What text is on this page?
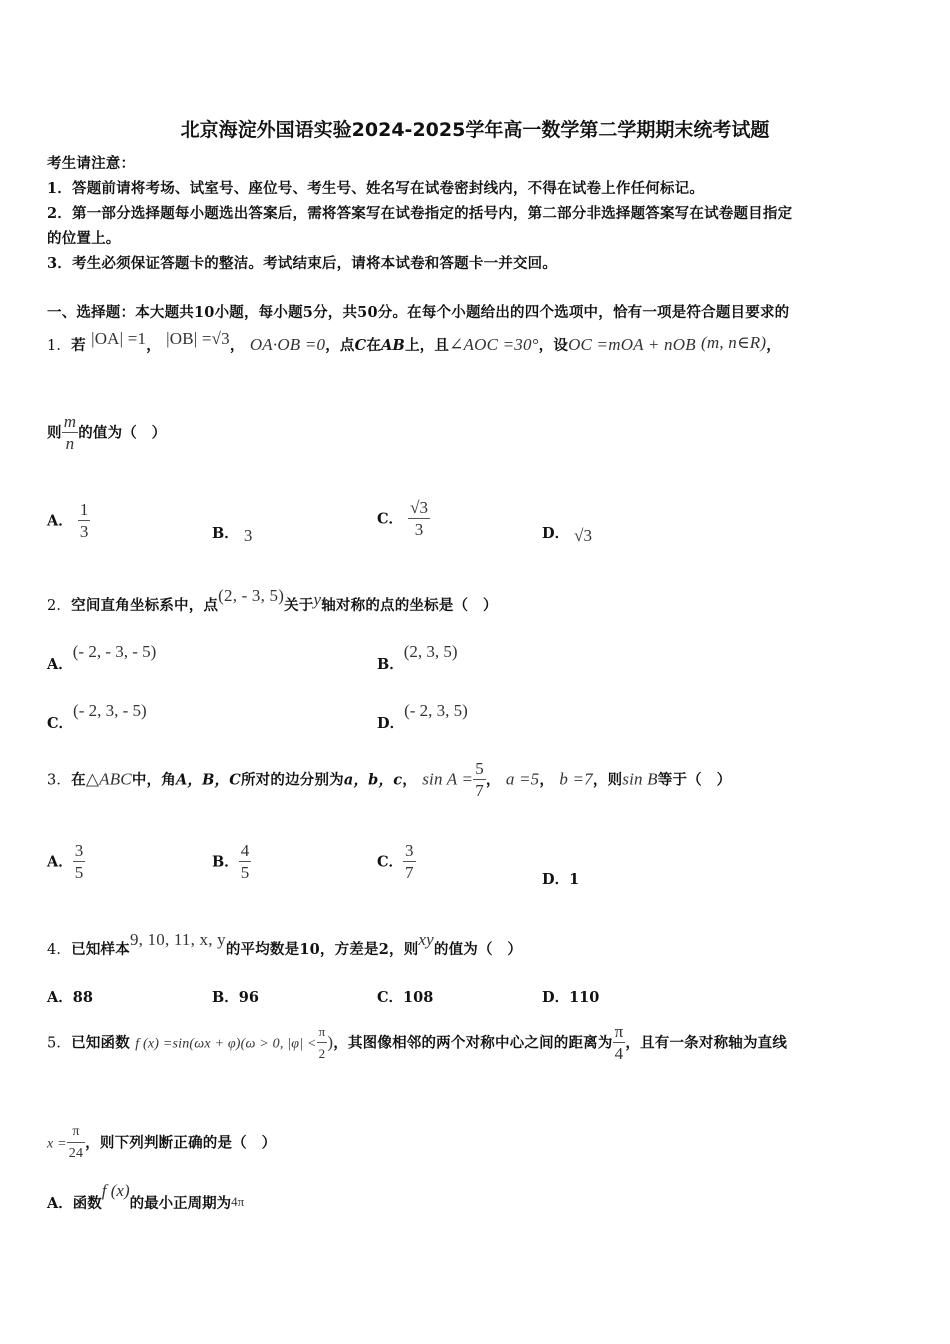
北京海淀外国语实验2024-2025学年高一数学第二学期期末统考试题
考生请注意：
1．答题前请将考场、试室号、座位号、考生号、姓名写在试卷密封线内，不得在试卷上作任何标记。
2．第一部分选择题每小题选出答案后，需将答案写在试卷指定的括号内，第二部分非选择题答案写在试卷题目指定
的位置上。
3．考生必须保证答题卡的整洁。考试结束后，请将本试卷和答题卡一并交回。
一、选择题：本大题共10小题，每小题5分，共50分。在每个小题给出的四个选项中，恰有一项是符合题目要求的
1．若 |OA| =1， |OB| =√3， OA·OB =0，点C在AB上，且∠AOC =30°，设OC =mOA + nOB (m, n∈R)，
则 $\frac{m}{n}$ 的值为（　）
A． $\frac{1}{3}$	B． 3
C． $\frac{√3}{3}$	D． √3
2．空间直角坐标系中，点(2, - 3, 5)关于y轴对称的点的坐标是（　）
A．(- 2, - 3, - 5)
B．(2, 3, 5)
C．(- 2, 3, - 5)
D．(- 2, 3, 5)
3．在△ABC中，角A，B，C所对的边分别为a，b，c， $\sin A = \frac{5}{7}$ ， a =5， b =7，则sin B等于（　）
A． $\frac{3}{5}$	B． $\frac{4}{5}$	C． $\frac{3}{7}$	D．1
4．已知样本9, 10, 11, x, y的平均数是10，方差是2，则xy的值为（　）
A．88	B．96	C．108	D．110
5．已知函数 f (x) =sin(ωx + φ)(ω > 0, $|\varphi| < \frac{\pi}{2}$ )，其图像相邻的两个对称中心之间的距离为 $\frac{\pi}{4}$ ，且有一条对称轴为直线
$x = \frac{\pi}{24}$ ，则下列判断正确的是（　）
A．函数f (x)的最小正周期为4π
